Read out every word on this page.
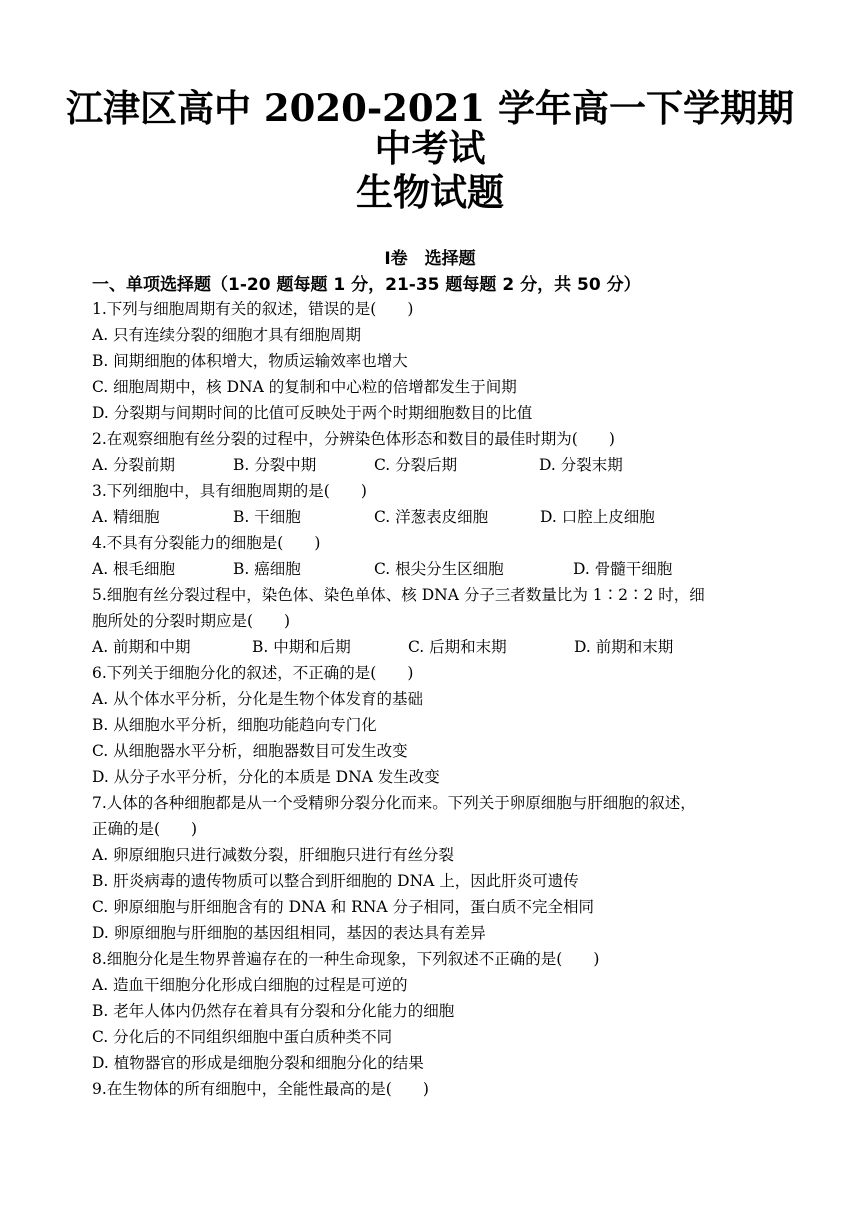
江津区高中 2020-2021 学年高一下学期期
中考试
生物试题
Ⅰ卷　选择题
一、单项选择题（1-20 题每题 1 分，21-35 题每题 2 分，共 50 分）
1.下列与细胞周期有关的叙述，错误的是(　　)
A. 只有连续分裂的细胞才具有细胞周期
B. 间期细胞的体积增大，物质运输效率也增大
C. 细胞周期中，核 DNA 的复制和中心粒的倍增都发生于间期
D. 分裂期与间期时间的比值可反映处于两个时期细胞数目的比值
2.在观察细胞有丝分裂的过程中，分辨染色体形态和数目的最佳时期为(　　)
A. 分裂前期	B. 分裂中期	C. 分裂后期	D. 分裂末期
3.下列细胞中，具有细胞周期的是(　　)
A. 精细胞	B. 干细胞	C. 洋葱表皮细胞	D. 口腔上皮细胞
4.不具有分裂能力的细胞是(　　)
A. 根毛细胞	B. 癌细胞	C. 根尖分生区细胞	D. 骨髓干细胞
5.细胞有丝分裂过程中，染色体、染色单体、核 DNA 分子三者数量比为 1∶2∶2 时，细
胞所处的分裂时期应是(　　)
A. 前期和中期	B. 中期和后期	C. 后期和末期	D. 前期和末期
6.下列关于细胞分化的叙述，不正确的是(　　)
A. 从个体水平分析，分化是生物个体发育的基础
B. 从细胞水平分析，细胞功能趋向专门化
C. 从细胞器水平分析，细胞器数目可发生改变
D. 从分子水平分析，分化的本质是 DNA 发生改变
7.人体的各种细胞都是从一个受精卵分裂分化而来。下列关于卵原细胞与肝细胞的叙述，
正确的是(　　)
A. 卵原细胞只进行减数分裂，肝细胞只进行有丝分裂
B. 肝炎病毒的遗传物质可以整合到肝细胞的 DNA 上，因此肝炎可遗传
C. 卵原细胞与肝细胞含有的 DNA 和 RNA 分子相同，蛋白质不完全相同
D. 卵原细胞与肝细胞的基因组相同，基因的表达具有差异
8.细胞分化是生物界普遍存在的一种生命现象，下列叙述不正确的是(　　)
A. 造血干细胞分化形成白细胞的过程是可逆的
B. 老年人体内仍然存在着具有分裂和分化能力的细胞
C. 分化后的不同组织细胞中蛋白质种类不同
D. 植物器官的形成是细胞分裂和细胞分化的结果
9.在生物体的所有细胞中，全能性最高的是(　　)
